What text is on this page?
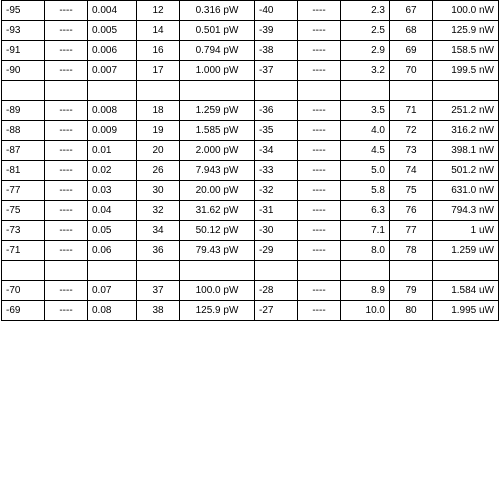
-95	----	0.004	12	0.316 pW	-40	----	2.3	67	100.0 nW
-93	----	0.005	14	0.501 pW	-39	----	2.5	68	125.9 nW
-91	----	0.006	16	0.794 pW	-38	----	2.9	69	158.5 nW
-90	----	0.007	17	1.000 pW	-37	----	3.2	70	199.5 nW

-89	----	0.008	18	1.259 pW	-36	----	3.5	71	251.2 nW
-88	----	0.009	19	1.585 pW	-35	----	4.0	72	316.2 nW
-87	----	0.01	20	2.000 pW	-34	----	4.5	73	398.1 nW
-81	----	0.02	26	7.943 pW	-33	----	5.0	74	501.2 nW
-77	----	0.03	30	20.00 pW	-32	----	5.8	75	631.0 nW
-75	----	0.04	32	31.62 pW	-31	----	6.3	76	794.3 nW
-73	----	0.05	34	50.12 pW	-30	----	7.1	77	1 uW
-71	----	0.06	36	79.43 pW	-29	----	8.0	78	1.259 uW

-70	----	0.07	37	100.0 pW	-28	----	8.9	79	1.584 uW
-69	----	0.08	38	125.9 pW	-27	----	10.0	80	1.995 uW
